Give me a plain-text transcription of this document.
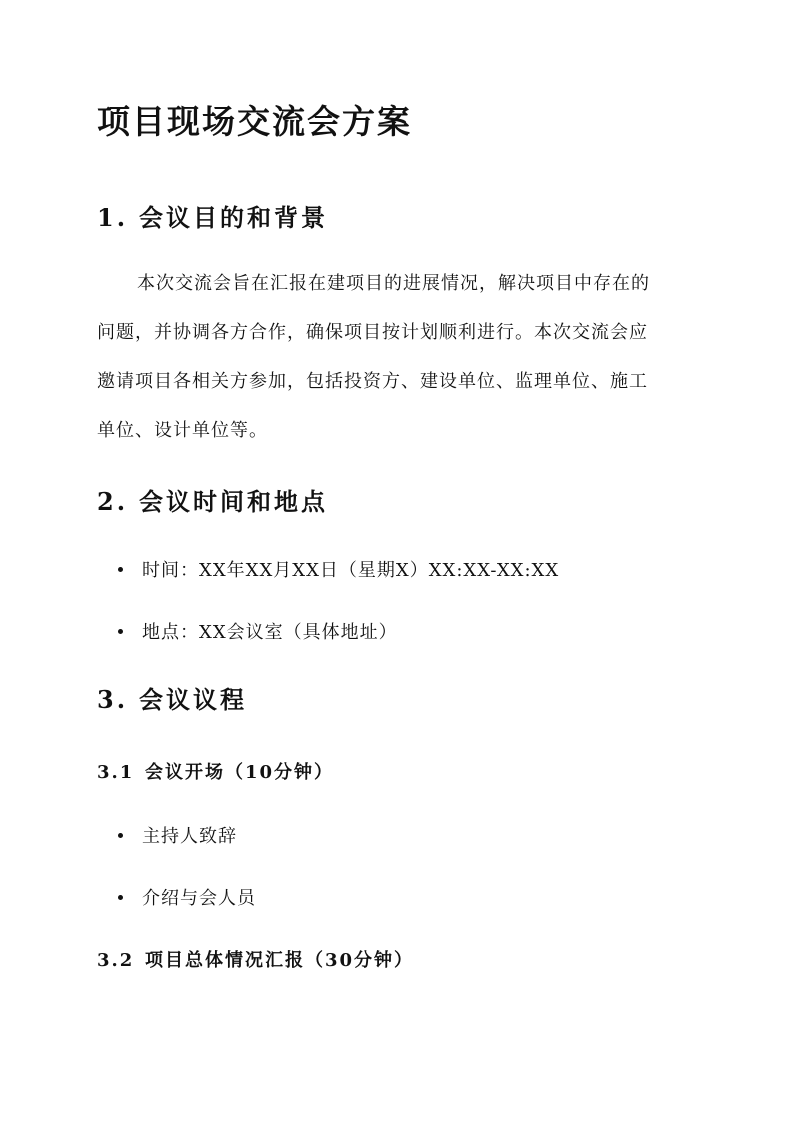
项目现场交流会方案
1. 会议目的和背景
本次交流会旨在汇报在建项目的进展情况，解决项目中存在的
问题，并协调各方合作，确保项目按计划顺利进行。本次交流会应
邀请项目各相关方参加，包括投资方、建设单位、监理单位、施工
单位、设计单位等。
2. 会议时间和地点
时间：XX年XX月XX日（星期X）XX:XX-XX:XX
地点：XX会议室（具体地址）
3. 会议议程
3.1 会议开场（10分钟）
主持人致辞
介绍与会人员
3.2 项目总体情况汇报（30分钟）
